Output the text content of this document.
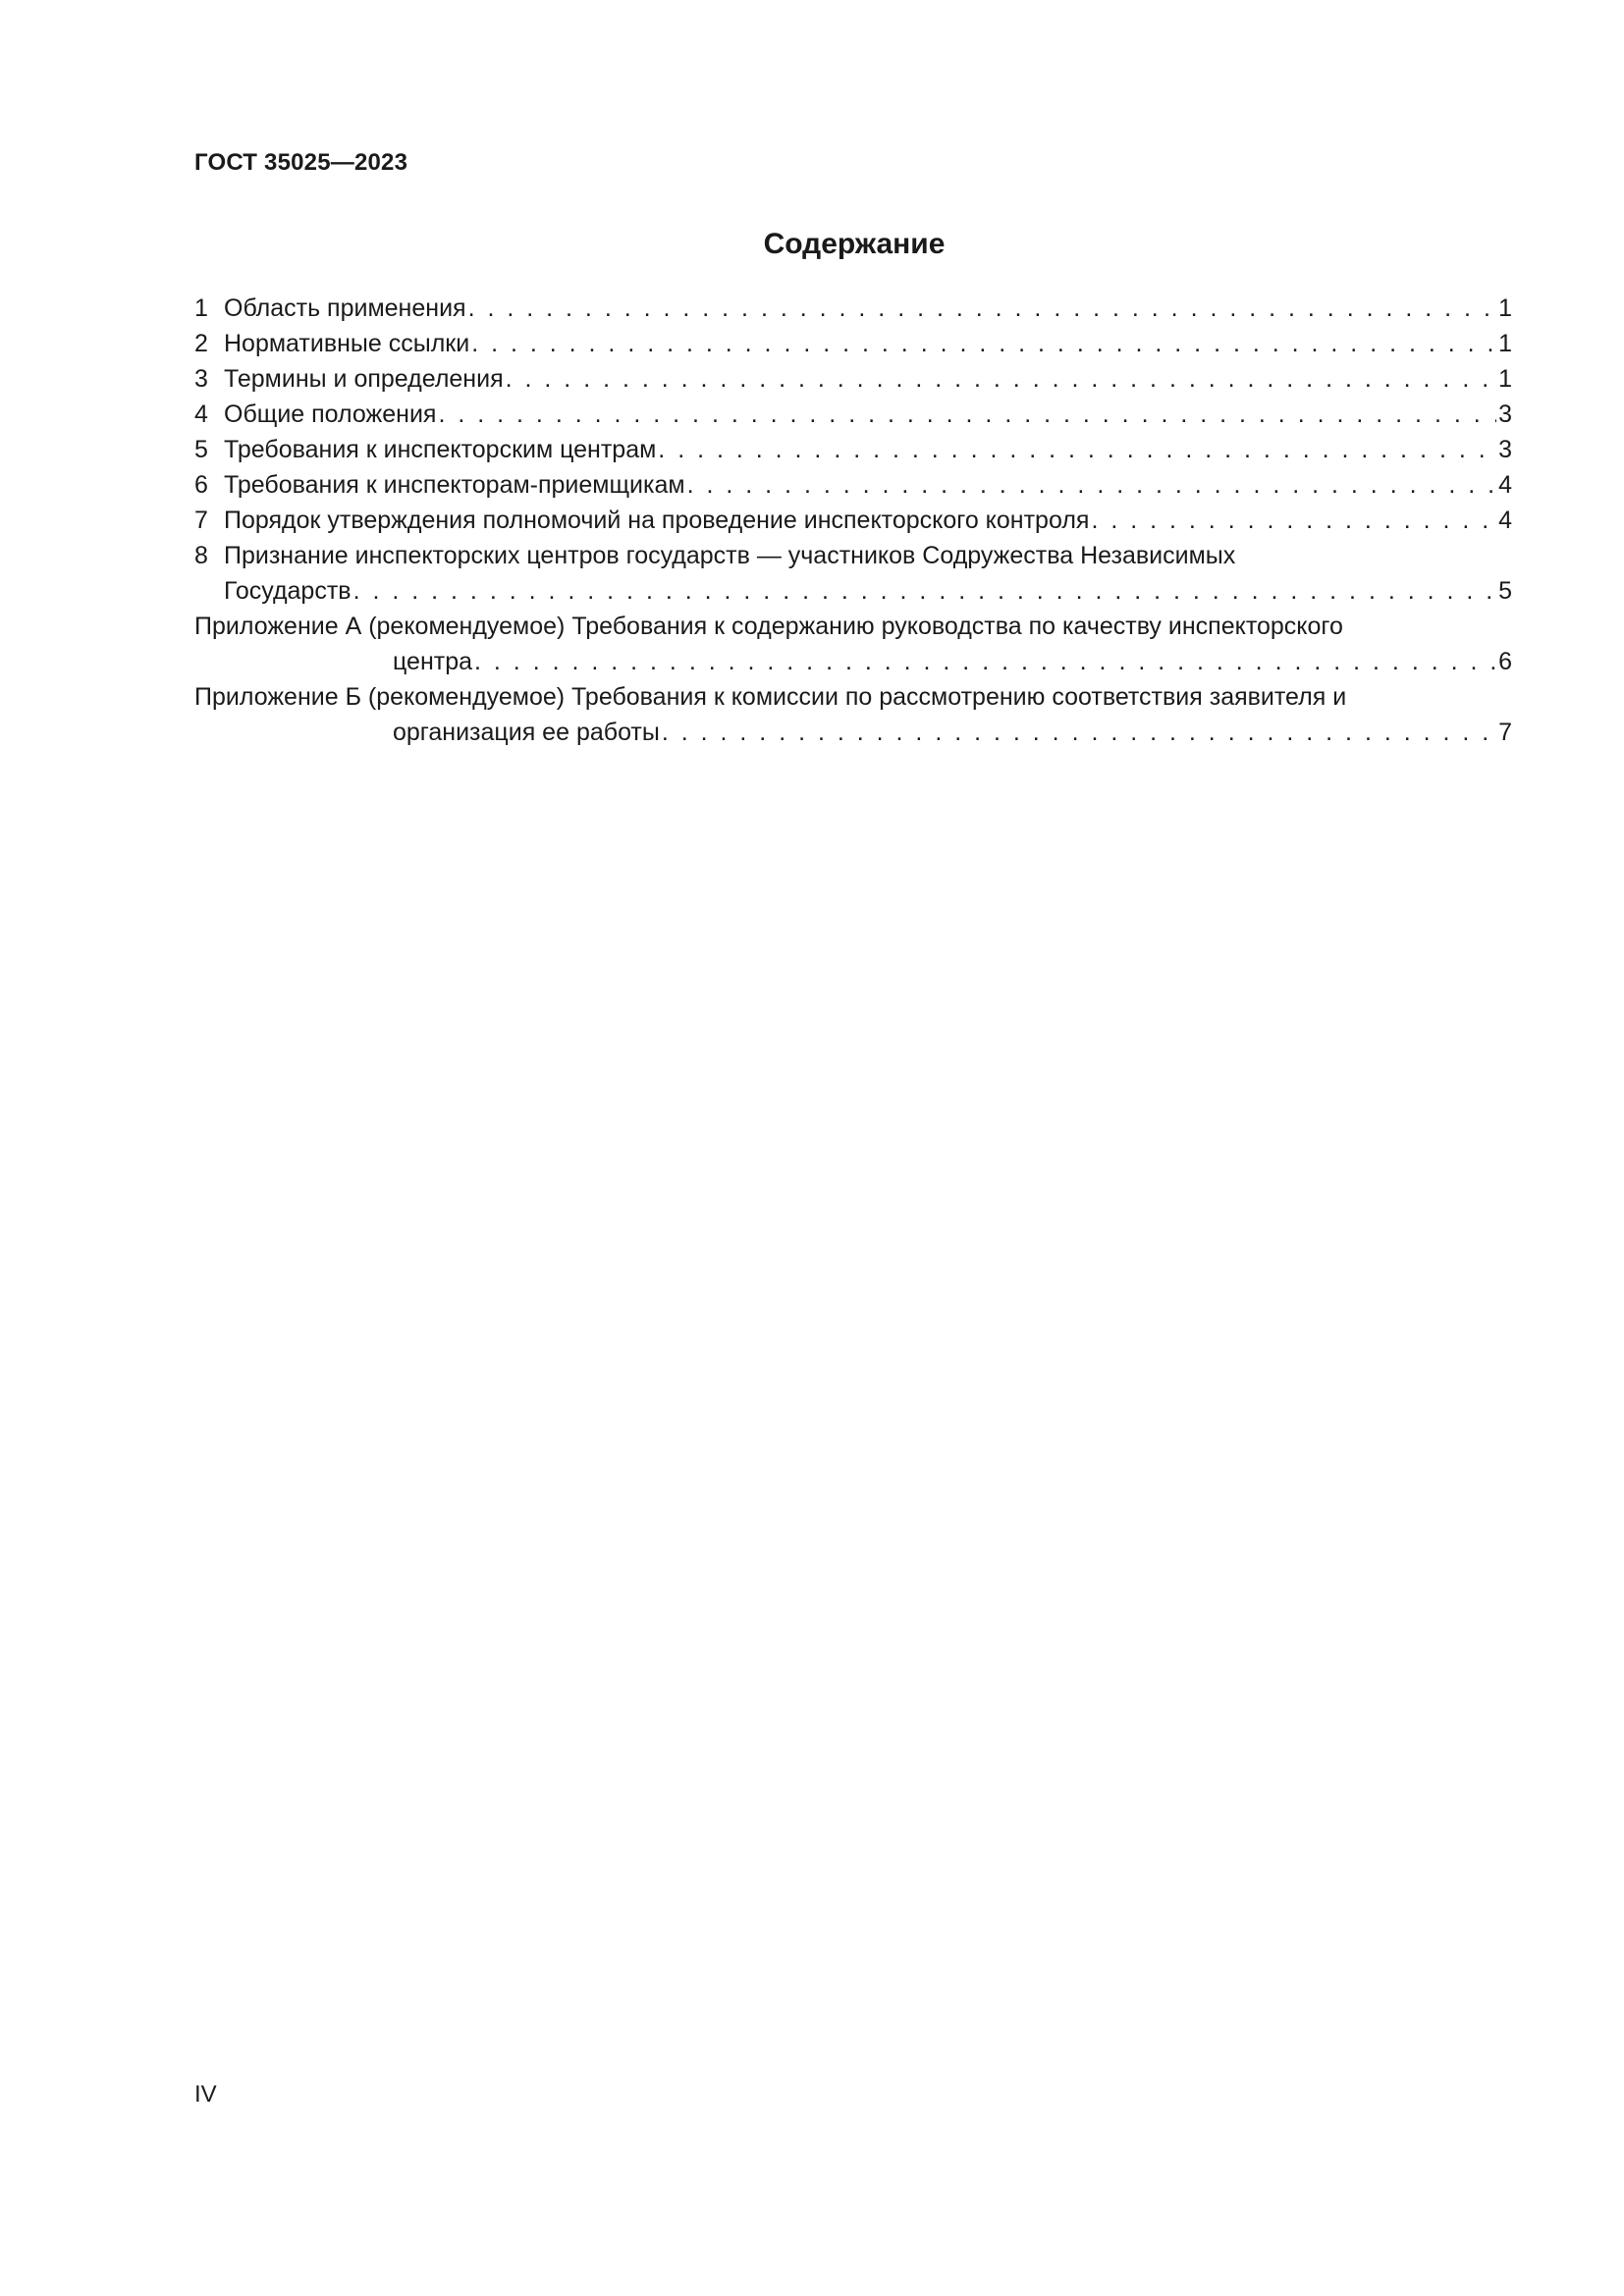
ГОСТ 35025—2023
Содержание
1 Область применения . . .	1
2 Нормативные ссылки . . .	1
3 Термины и определения . . .	1
4 Общие положения . . .	3
5 Требования к инспекторским центрам . . .	3
6 Требования к инспекторам-приемщикам . . .	4
7 Порядок утверждения полномочий на проведение инспекторского контроля . . .	4
8 Признание инспекторских центров государств — участников Содружества Независимых
Государств . . .	5
Приложение А (рекомендуемое) Требования к содержанию руководства по качеству инспекторского
центра . . .	6
Приложение Б (рекомендуемое) Требования к комиссии по рассмотрению соответствия заявителя и
организация ее работы . . .	7
IV
